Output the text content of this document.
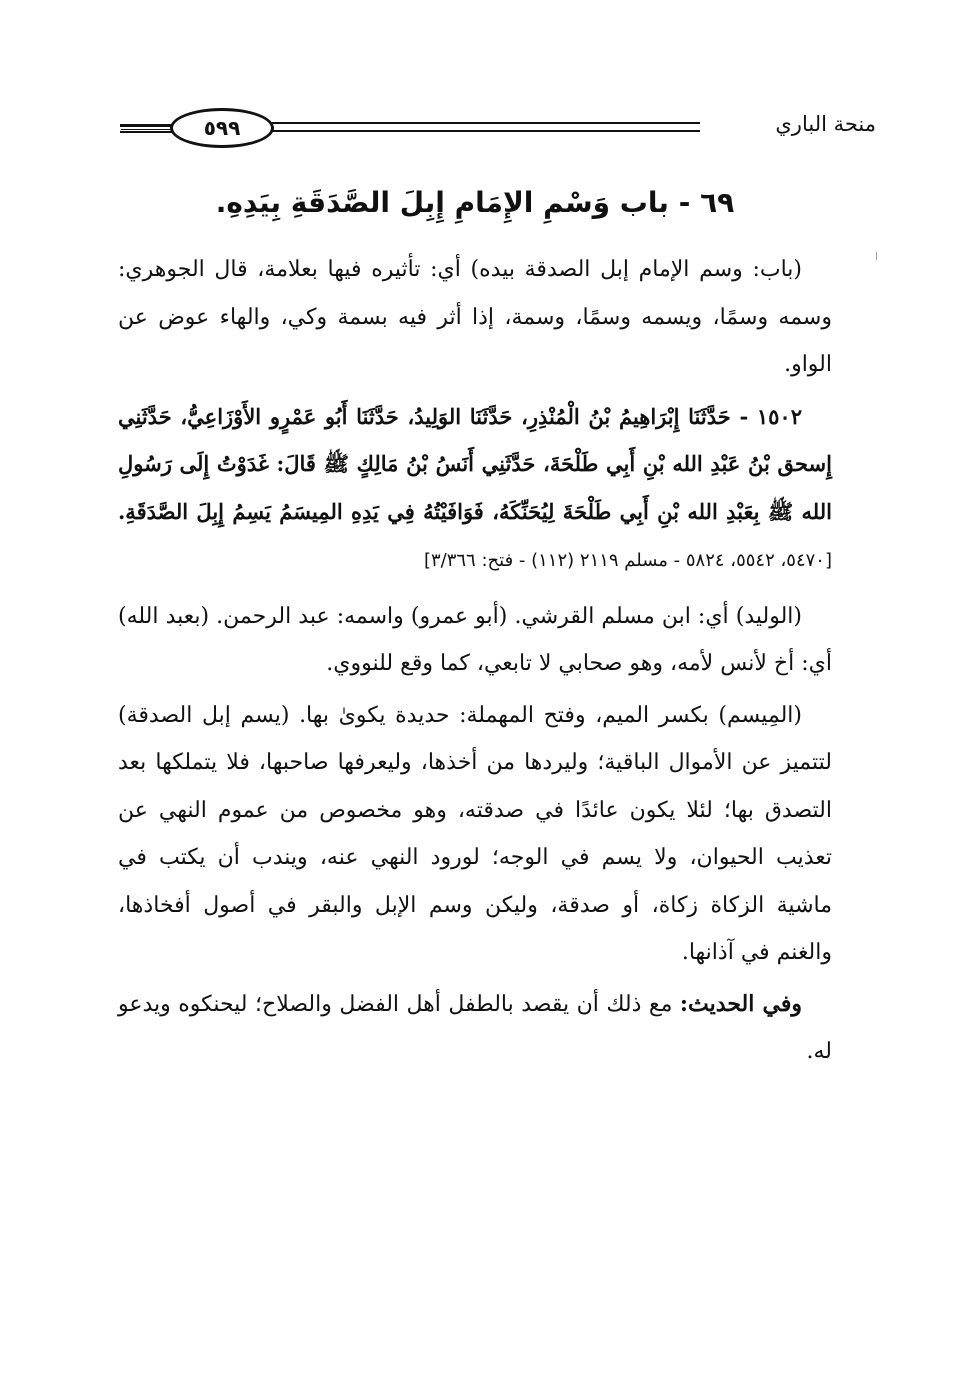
٥٩٩	منحة الباري
٦٩ - باب وَسْمِ الإِمَامِ إِبِلَ الصَّدَقَةِ بِيَدِهِ.

(باب: وسم الإمام إبل الصدقة بيده) أي: تأثيره فيها بعلامة، قال الجوهري: وسمه وسمًا، ويسمه وسمًا، وسمة، إذا أثر فيه بسمة وكي، والهاء عوض عن الواو.

١٥٠٢ - حَدَّثَنَا إِبْرَاهِيمُ بْنُ الْمُنْذِرِ، حَدَّثَنَا الوَلِيدُ، حَدَّثَنَا أَبُو عَمْرٍو الأَوْزَاعِيُّ، حَدَّثَنِي إِسحق بْنُ عَبْدِ الله بْنِ أَبِي طَلْحَةَ، حَدَّثَنِي أَنَسُ بْنُ مَالِكٍ ﷺ قَالَ: غَدَوْتُ إِلَى رَسُولِ الله ﷺ بِعَبْدِ الله بْنِ أَبِي طَلْحَةَ لِيُحَنِّكَهُ، فَوَافَيْتُهُ فِي يَدِهِ المِيسَمُ يَسِمُ إِبِلَ الصَّدَقَةِ. [٥٤٧٠، ٥٥٤٢، ٥٨٢٤ - مسلم ٢١١٩ (١١٢) - فتح: ٣/٣٦٦]

(الوليد) أي: ابن مسلم القرشي. (أبو عمرو) واسمه: عبد الرحمن. (بعبد الله) أي: أخ لأنس لأمه، وهو صحابي لا تابعي، كما وقع للنووي.

(المِيسم) بكسر الميم، وفتح المهملة: حديدة يكوىٰ بها. (يسم إبل الصدقة) لتتميز عن الأموال الباقية؛ وليردها من أخذها، وليعرفها صاحبها، فلا يتملكها بعد التصدق بها؛ لئلا يكون عائدًا في صدقته، وهو مخصوص من عموم النهي عن تعذيب الحيوان، ولا يسم في الوجه؛ لورود النهي عنه، ويندب أن يكتب في ماشية الزكاة زكاة، أو صدقة، وليكن وسم الإبل والبقر في أصول أفخاذها، والغنم في آذانها.

وفي الحديث: مع ذلك أن يقصد بالطفل أهل الفضل والصلاح؛ ليحنكوه ويدعو له.
